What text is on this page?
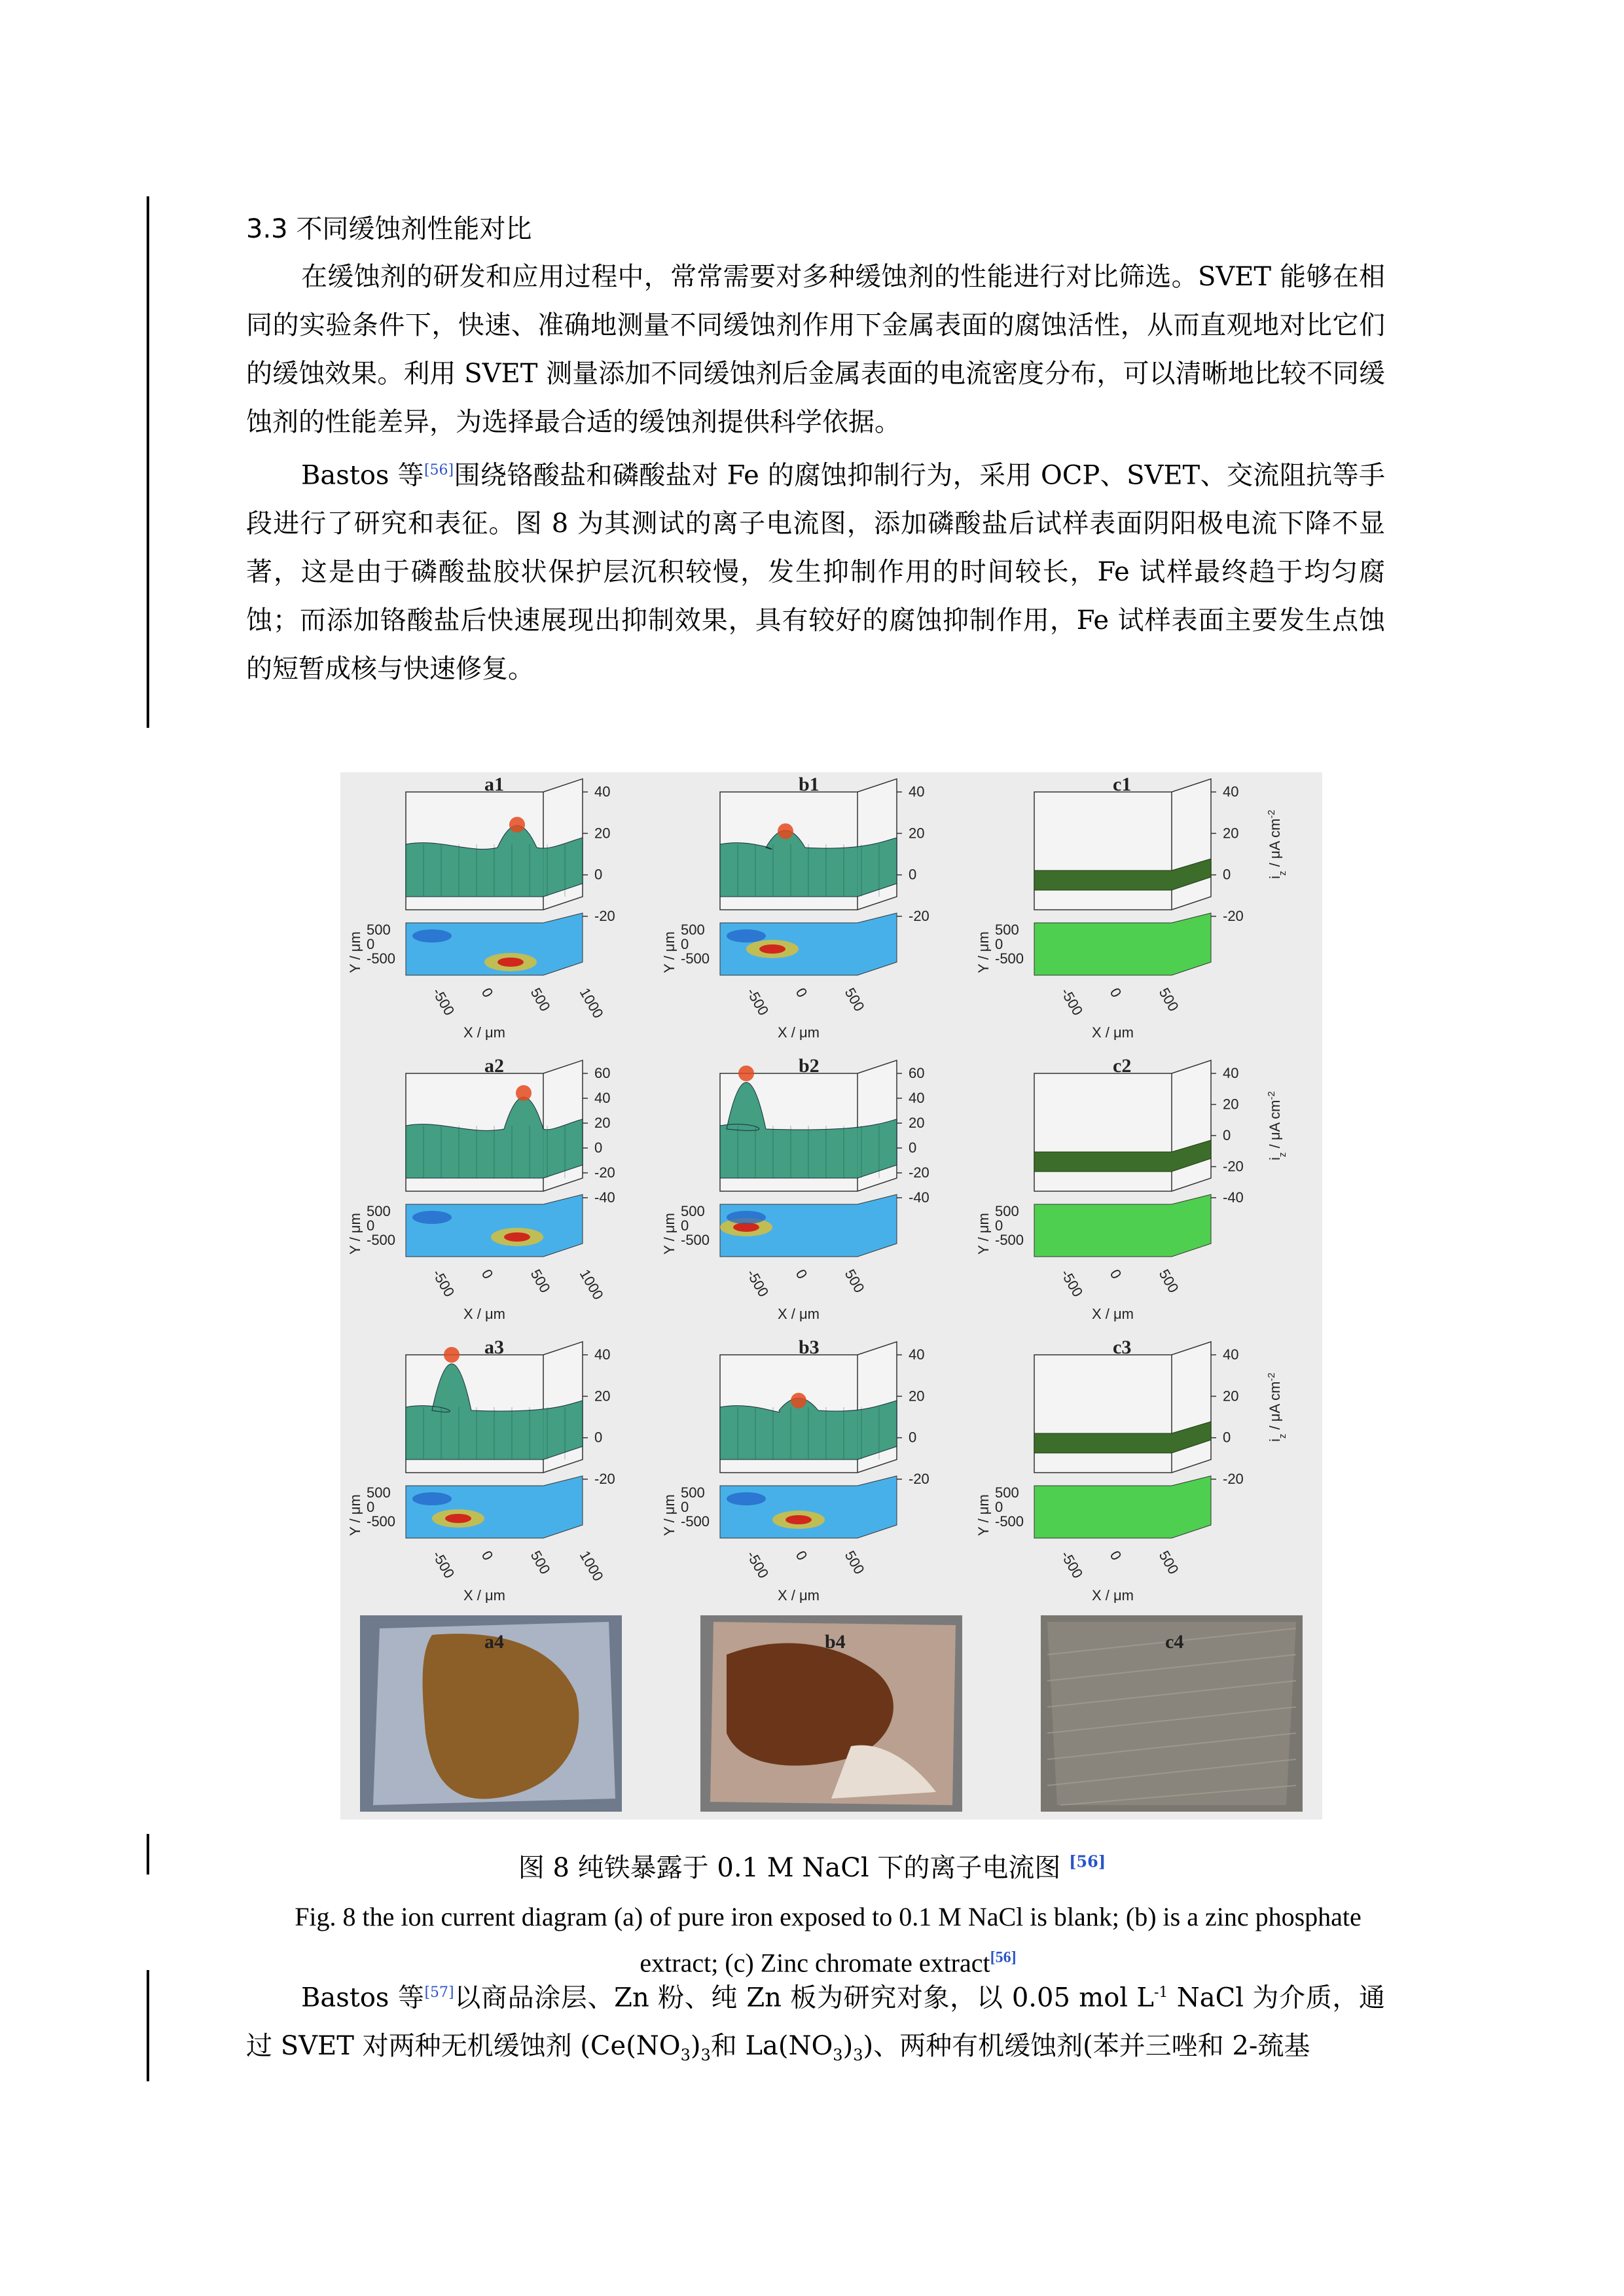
3.3 不同缓蚀剂性能对比
在缓蚀剂的研发和应用过程中，常常需要对多种缓蚀剂的性能进行对比筛选。SVET 能够在相同的实验条件下，快速、准确地测量不同缓蚀剂作用下金属表面的腐蚀活性，从而直观地对比它们的缓蚀效果。利用 SVET 测量添加不同缓蚀剂后金属表面的电流密度分布，可以清晰地比较不同缓蚀剂的性能差异，为选择最合适的缓蚀剂提供科学依据。
Bastos 等[56]围绕铬酸盐和磷酸盐对 Fe 的腐蚀抑制行为，采用 OCP、SVET、交流阻抗等手段进行了研究和表征。图 8 为其测试的离子电流图，添加磷酸盐后试样表面阴阳极电流下降不显著，这是由于磷酸盐胶状保护层沉积较慢，发生抑制作用的时间较长，Fe 试样最终趋于均匀腐蚀；而添加铬酸盐后快速展现出抑制效果，具有较好的腐蚀抑制作用，Fe 试样表面主要发生点蚀的短暂成核与快速修复。
a1	40
20
0
-20
500
0
-500
Y / μm
-500 0 500 1000
X / μm
b1	40
20
0
-20
500
0
-500
Y / μm
-500 0 500
X / μm
c1	40
20
0
-20
500
0
-500
Y / μm
-500 0 500
X / μm
$i_z$ / μA $cm^{-2}$
a2	60
40
20
0
-20
-40
500
0
-500
Y / μm
-500 0 500 1000
X / μm
b2	60
40
20
0
-20
-40
500
0
-500
Y / μm
-500 0 500
X / μm
c2	40
20
0
-20
-40
500
0
-500
Y / μm
-500 0 500
X / μm
$i_z$ / μA $cm^{-2}$
a3	40
20
0
-20
500
0
-500
Y / μm
-500 0 500 1000
X / μm
b3	40
20
0
-20
500
0
-500
Y / μm
-500 0 500
X / μm
c3	40
20
0
-20
500
0
-500
Y / μm
-500 0 500
X / μm
$i_z$ / μA $cm^{-2}$
a4	b4	c4
图 8 纯铁暴露于 0.1 M NaCl 下的离子电流图 [56]
Fig. 8 the ion current diagram (a) of pure iron exposed to 0.1 M NaCl is blank; (b) is a zinc phosphate extract; (c) Zinc chromate extract[56]
Bastos 等[57]以商品涂层、Zn 粉、纯 Zn 板为研究对象，以 0.05 mol $L^{-1}$ NaCl 为介质，通过 SVET 对两种无机缓蚀剂 ($Ce(NO_3)_3$和 $La(NO_3)_3$)、两种有机缓蚀剂(苯并三唑和 2-巯基
